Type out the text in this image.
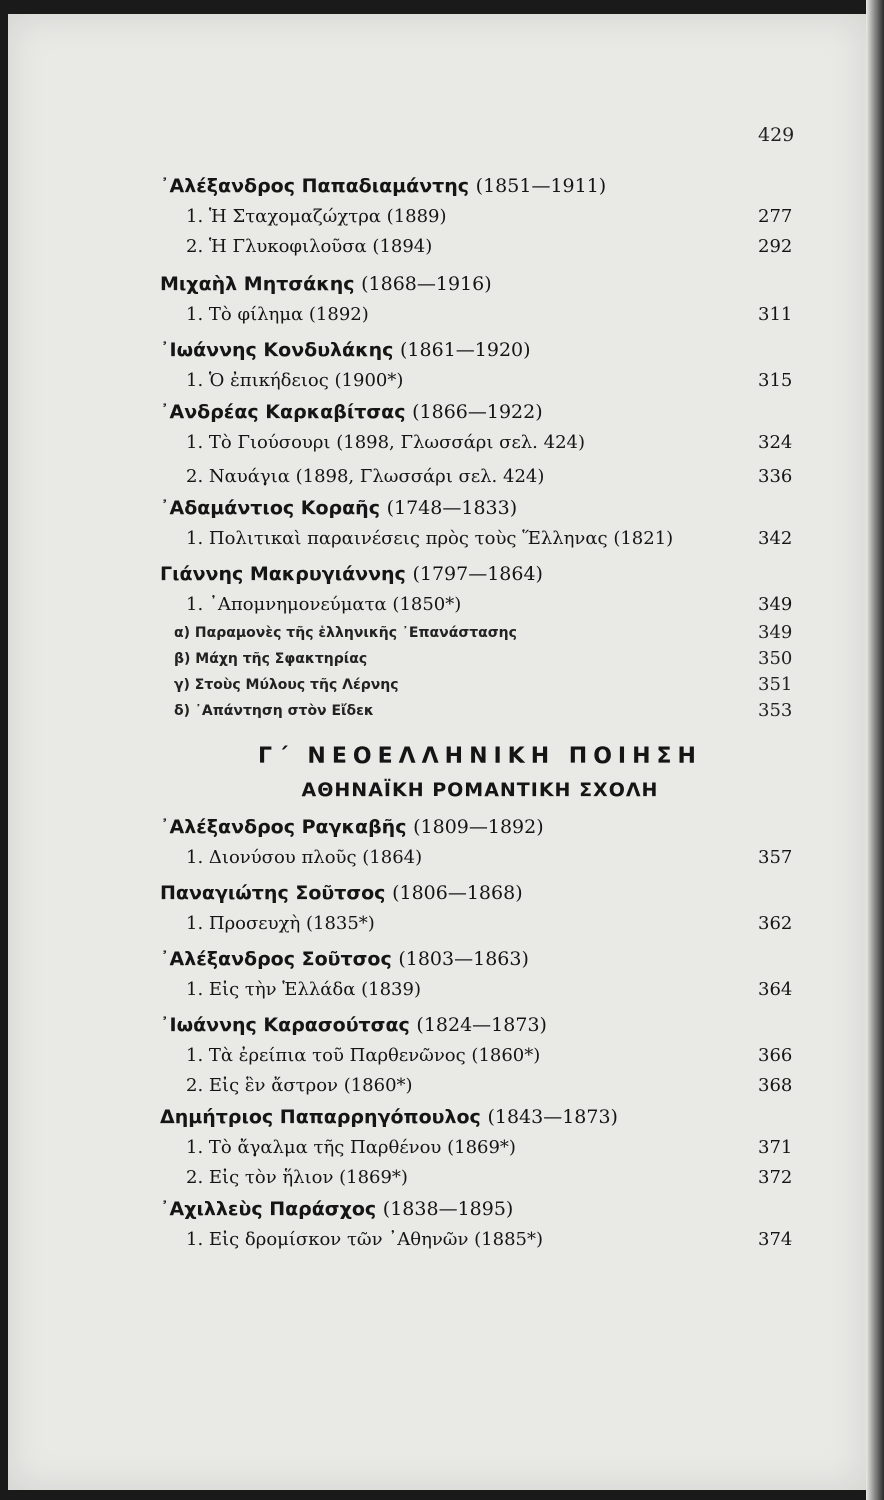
429
᾿Αλέξανδρος Παπαδιαμάντης (1851—1911)
1. Ἡ Σταχομαζώχτρα (1889)	277
2. Ἡ Γλυκοφιλοῦσα (1894)	292
Μιχαὴλ Μητσάκης (1868—1916)
1. Τὸ φίλημα (1892)	311
᾿Ιωάννης Κονδυλάκης (1861—1920)
1. Ὁ ἐπικήδειος (1900*)	315
᾿Ανδρέας Καρκαβίτσας (1866—1922)
1. Τὸ Γιούσουρι (1898, Γλωσσάρι σελ. 424)	324
2. Ναυάγια (1898, Γλωσσάρι σελ. 424)	336
᾿Αδαμάντιος Κοραῆς (1748—1833)
1. Πολιτικαὶ παραινέσεις πρὸς τοὺς Ἕλληνας (1821)	342
Γιάννης Μακρυγιάννης (1797—1864)
1. ᾿Απομνημονεύματα (1850*)	349
α) Παραμονὲς τῆς ἑλληνικῆς ᾿Επανάστασης	349
β) Μάχη τῆς Σφακτηρίας	350
γ) Στοὺς Μύλους τῆς Λέρνης	351
δ) ᾿Απάντηση στὸν Εἴδεκ	353
Γ΄ ΝΕΟΕΛΛΗΝΙΚΗ ΠΟΙΗΣΗ
ΑΘΗΝΑΪΚΗ ΡΟΜΑΝΤΙΚΗ ΣΧΟΛΗ
᾿Αλέξανδρος Ραγκαβῆς (1809—1892)
1. Διονύσου πλοῦς (1864)	357
Παναγιώτης Σοῦτσος (1806—1868)
1. Προσευχὴ (1835*)	362
᾿Αλέξανδρος Σοῦτσος (1803—1863)
1. Εἰς τὴν Ἑλλάδα (1839)	364
᾿Ιωάννης Καρασούτσας (1824—1873)
1. Τὰ ἐρείπια τοῦ Παρθενῶνος (1860*)	366
2. Εἰς ἓν ἄστρον (1860*)	368
Δημήτριος Παπαρρηγόπουλος (1843—1873)
1. Τὸ ἄγαλμα τῆς Παρθένου (1869*)	371
2. Εἰς τὸν ἥλιον (1869*)	372
᾿Αχιλλεὺς Παράσχος (1838—1895)
1. Εἰς δρομίσκον τῶν ᾿Αθηνῶν (1885*)	374
